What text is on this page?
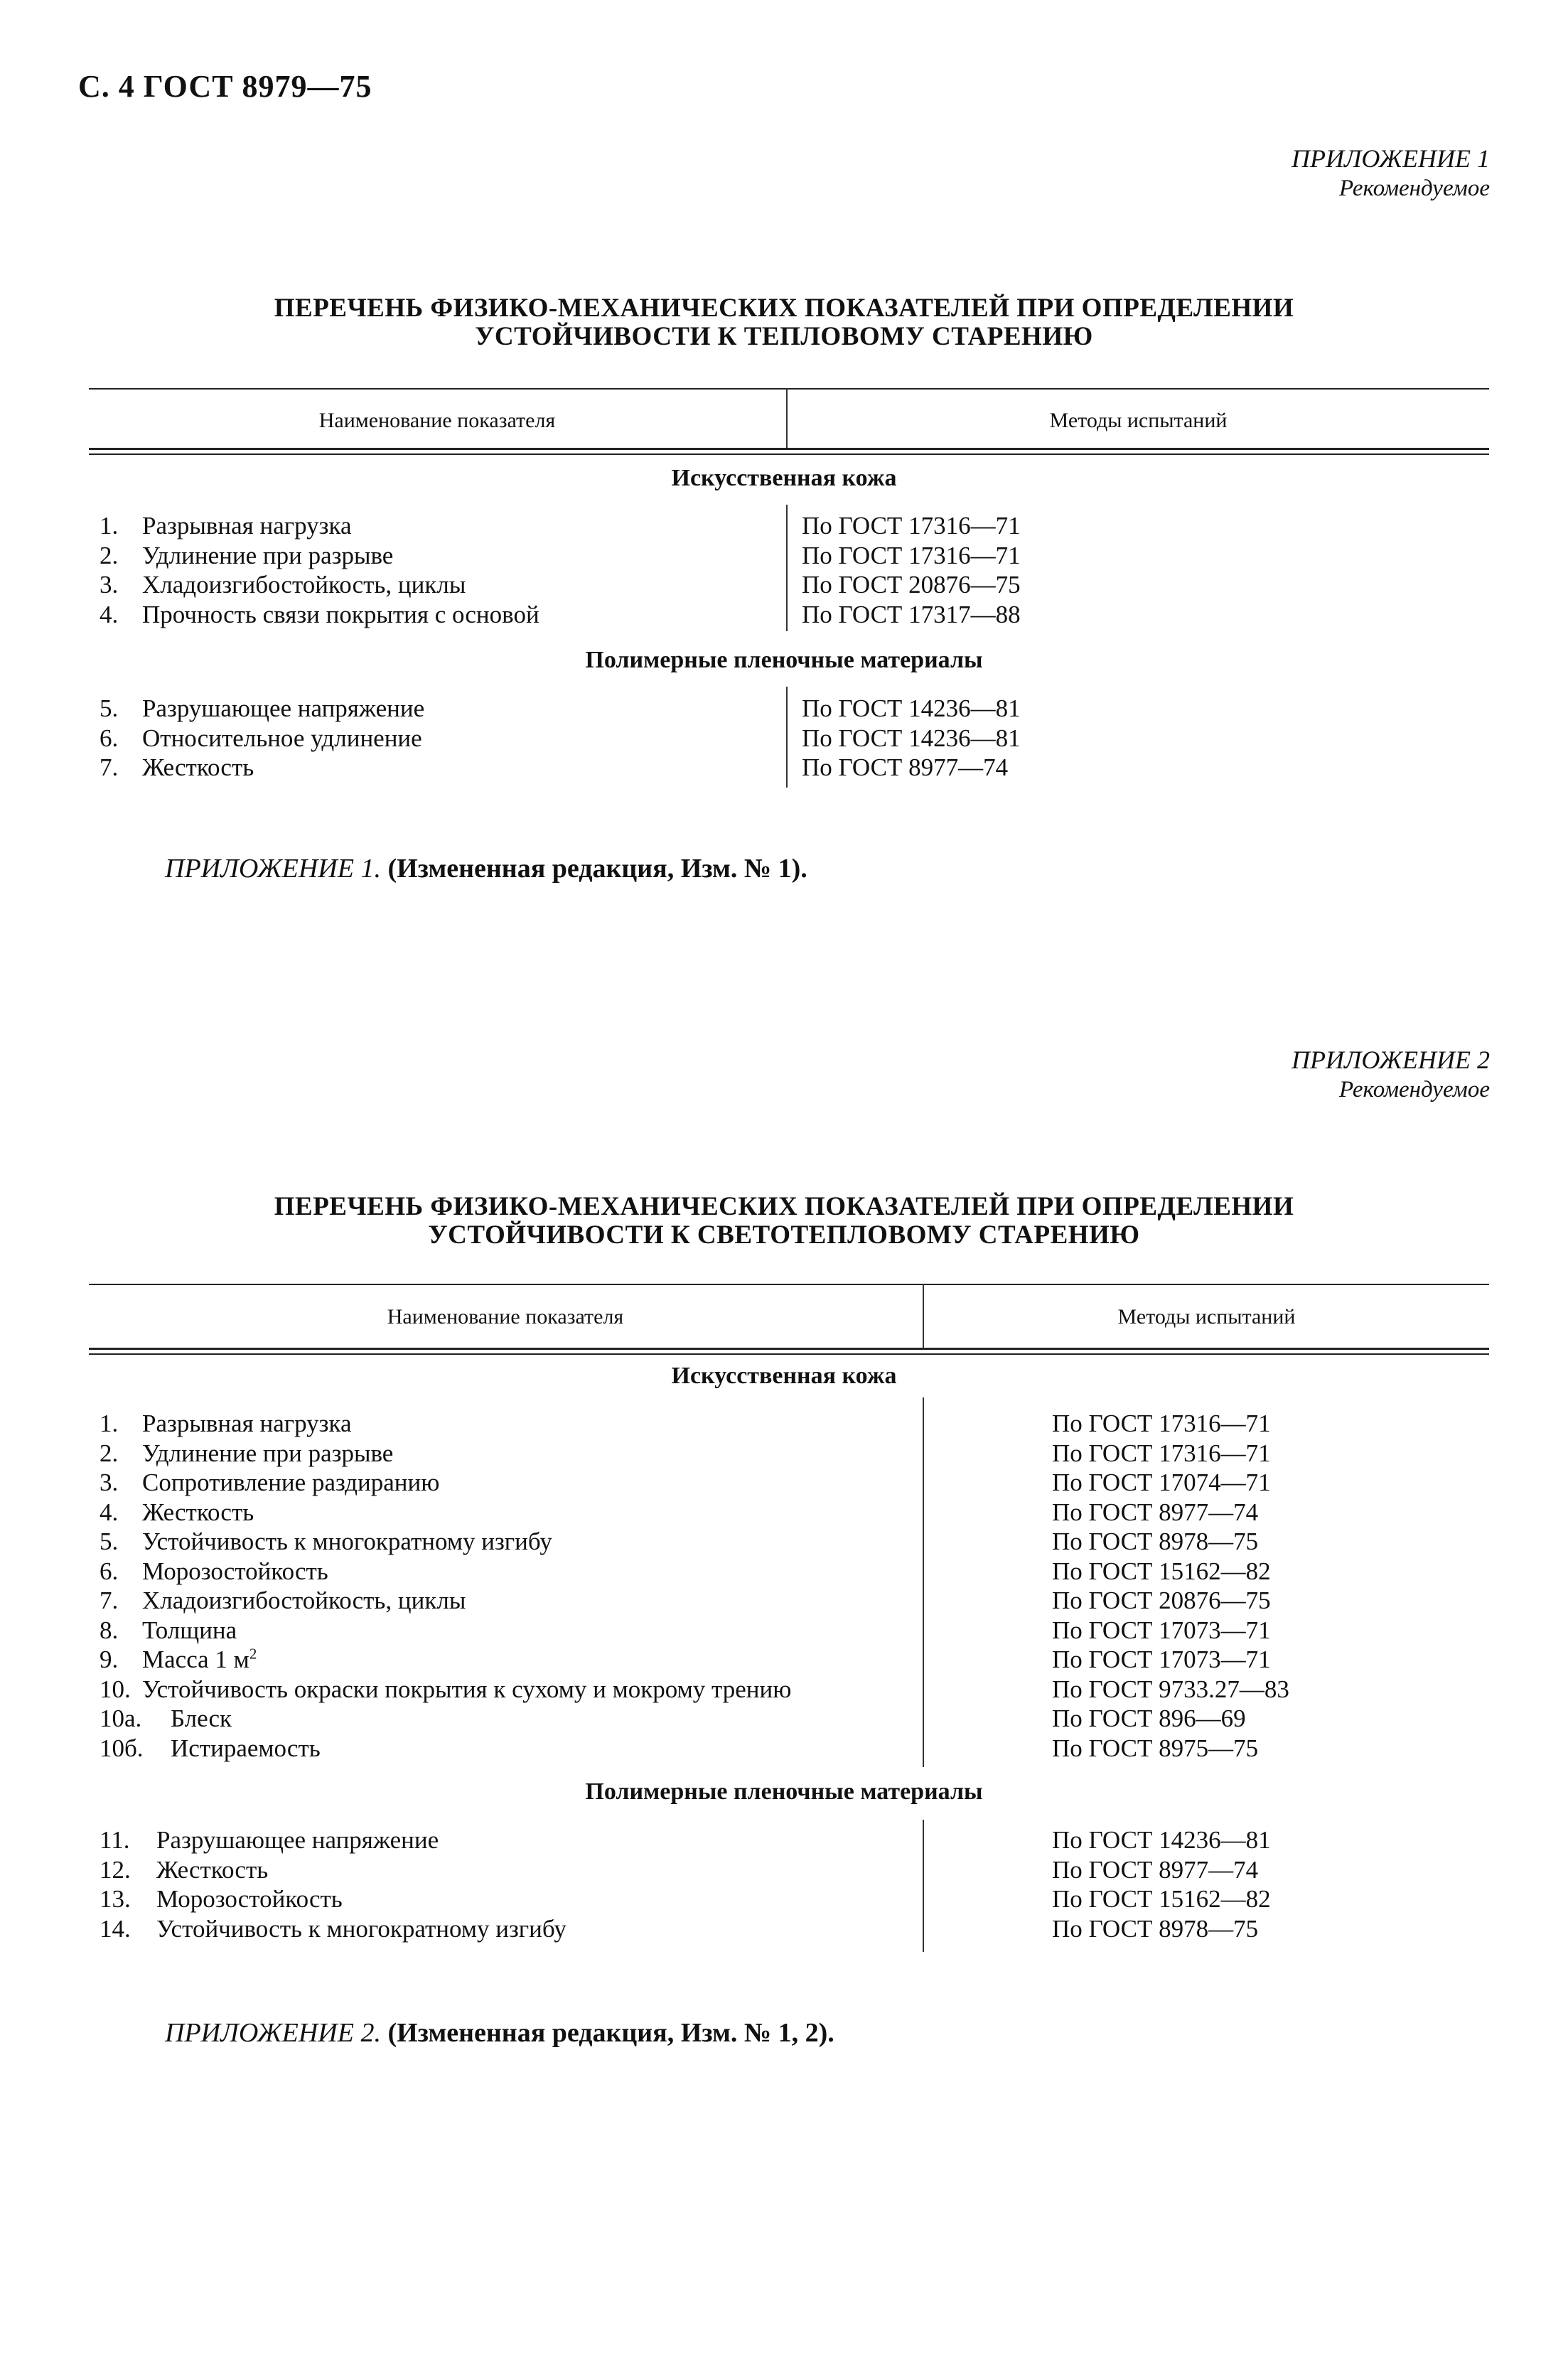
С. 4 ГОСТ 8979—75
ПРИЛОЖЕНИЕ 1
Рекомендуемое
ПЕРЕЧЕНЬ ФИЗИКО-МЕХАНИЧЕСКИХ ПОКАЗАТЕЛЕЙ ПРИ ОПРЕДЕЛЕНИИ
УСТОЙЧИВОСТИ К ТЕПЛОВОМУ СТАРЕНИЮ
Наименование показателя	Методы испытаний
Искусственная кожа
1. Разрывная нагрузка
2. Удлинение при разрыве
3. Хладоизгибостойкость, циклы
4. Прочность связи покрытия с основой
По ГОСТ 17316—71
По ГОСТ 17316—71
По ГОСТ 20876—75
По ГОСТ 17317—88
Полимерные пленочные материалы
5. Разрушающее напряжение
6. Относительное удлинение
7. Жесткость
По ГОСТ 14236—81
По ГОСТ 14236—81
По ГОСТ 8977—74
ПРИЛОЖЕНИЕ 1. (Измененная редакция, Изм. № 1).
ПРИЛОЖЕНИЕ 2
Рекомендуемое
ПЕРЕЧЕНЬ ФИЗИКО-МЕХАНИЧЕСКИХ ПОКАЗАТЕЛЕЙ ПРИ ОПРЕДЕЛЕНИИ
УСТОЙЧИВОСТИ К СВЕТОТЕПЛОВОМУ СТАРЕНИЮ
Наименование показателя	Методы испытаний
Искусственная кожа
1. Разрывная нагрузка
2. Удлинение при разрыве
3. Сопротивление раздиранию
4. Жесткость
5. Устойчивость к многократному изгибу
6. Морозостойкость
7. Хладоизгибостойкость, циклы
8. Толщина
9. Масса 1 $м^2$
10. Устойчивость окраски покрытия к сухому и мокрому трению
10а. Блеск
10б. Истираемость
По ГОСТ 17316—71
По ГОСТ 17316—71
По ГОСТ 17074—71
По ГОСТ 8977—74
По ГОСТ 8978—75
По ГОСТ 15162—82
По ГОСТ 20876—75
По ГОСТ 17073—71
По ГОСТ 17073—71
По ГОСТ 9733.27—83
По ГОСТ 896—69
По ГОСТ 8975—75
Полимерные пленочные материалы
11. Разрушающее напряжение
12. Жесткость
13. Морозостойкость
14. Устойчивость к многократному изгибу
По ГОСТ 14236—81
По ГОСТ 8977—74
По ГОСТ 15162—82
По ГОСТ 8978—75
ПРИЛОЖЕНИЕ 2. (Измененная редакция, Изм. № 1, 2).
